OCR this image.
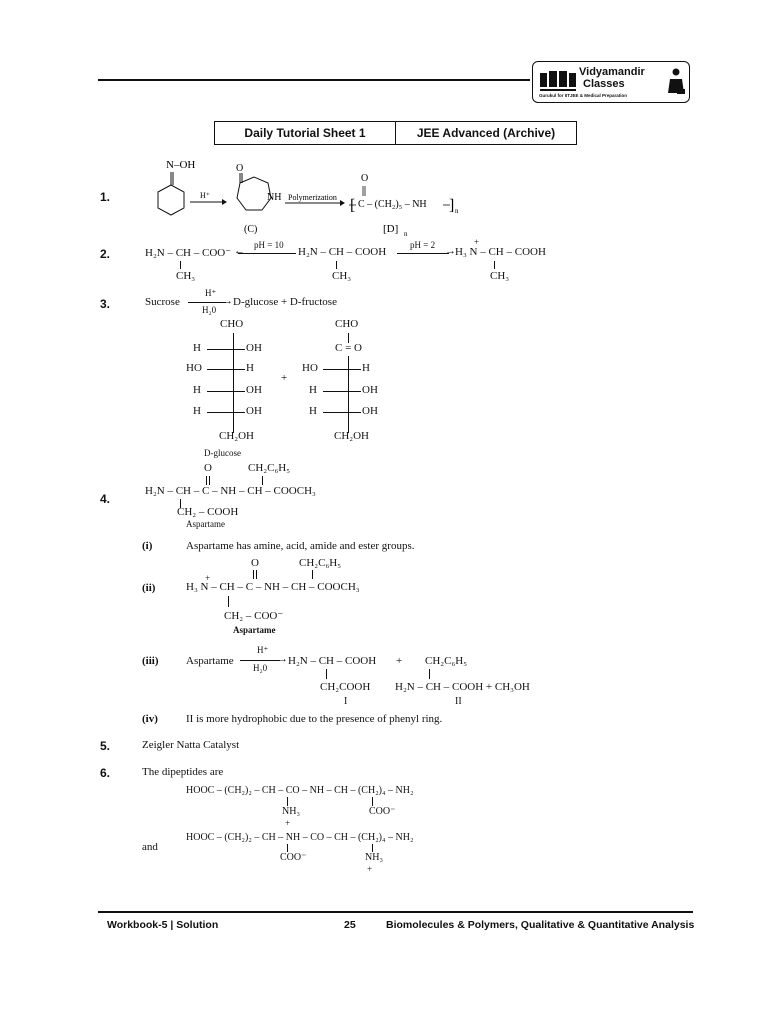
Vidyamandir
Classes
Gurukul for IITJEE & Medical Preparation
Daily Tutorial Sheet 1	JEE Advanced (Archive)
1.
N–OH
H⁺
O
NH
(C)
Polymerization [ C – (CH₂)₅ – NH
O
] n
[D] n
2.	H₂N – CH – COO⁻
CH₃
← pH = 10
H₂N – CH – COOH
CH₃
→
pH = 2	+
H₃ N – CH – COOH
CH₃
3.	Sucrose
H⁺
→
H₂0
D-glucose + D-fructose
CHO
H	OH
HO	H
H	OH
H	OH
CH₂OH
D-glucose
+
CHO
C = O
HO	H
H	OH
H	OH
CH₂OH
4.
O	CH₂C₆H₅
H₂N – CH – C – NH – CH – COOCH₃
CH₂ – COOH
Aspartame
(i)	Aspartame has amine, acid, amide and ester groups.
(ii)
O	CH₂C₆H₅
+
H₃ N – CH – C – NH – CH – COOCH₃
CH₂ – COO⁻
Aspartame
(iii)	Aspartame
H⁺
→
H₂0
H₂N – CH – COOH
CH₂COOH
I
+ CH₂C₆H₅
H₂N – CH – COOH + CH₃OH
II
(iv)	II is more hydrophobic due to the presence of phenyl ring.
5.	Zeigler Natta Catalyst
6.	The dipeptides are
HOOC – (CH₂)₂ – CH – CO – NH – CH – (CH₂)₄ – NH₂
NH₃
+
COO⁻
and
HOOC – (CH₂)₂ – CH – NH – CO – CH – (CH₂)₄ – NH₂
COO⁻	NH₃
+
Workbook-5 | Solution	25	Biomolecules & Polymers, Qualitative & Quantitative Analysis
